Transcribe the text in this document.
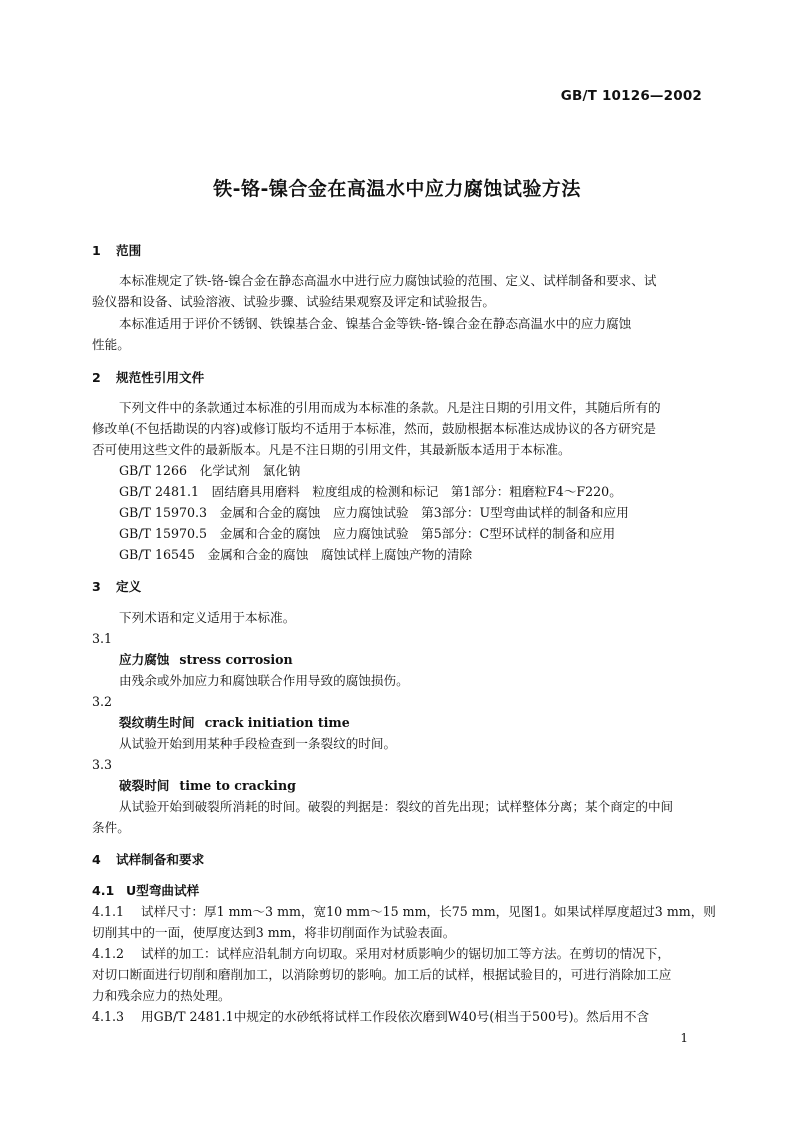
GB/T 10126—2002
铁-铬-镍合金在高温水中应力腐蚀试验方法
1 范围
本标准规定了铁-铬-镍合金在静态高温水中进行应力腐蚀试验的范围、定义、试样制备和要求、试
验仪器和设备、试验溶液、试验步骤、试验结果观察及评定和试验报告。
本标准适用于评价不锈钢、铁镍基合金、镍基合金等铁-铬-镍合金在静态高温水中的应力腐蚀
性能。
2 规范性引用文件
下列文件中的条款通过本标准的引用而成为本标准的条款。凡是注日期的引用文件，其随后所有的
修改单(不包括勘误的内容)或修订版均不适用于本标准，然而，鼓励根据本标准达成协议的各方研究是
否可使用这些文件的最新版本。凡是不注日期的引用文件，其最新版本适用于本标准。
GB/T 1266　化学试剂　氯化钠
GB/T 2481.1　固结磨具用磨料　粒度组成的检测和标记　第1部分：粗磨粒F4～F220。
GB/T 15970.3　金属和合金的腐蚀　应力腐蚀试验　第3部分：U型弯曲试样的制备和应用
GB/T 15970.5　金属和合金的腐蚀　应力腐蚀试验　第5部分：C型环试样的制备和应用
GB/T 16545　金属和合金的腐蚀　腐蚀试样上腐蚀产物的清除
3 定义
下列术语和定义适用于本标准。
3.1
应力腐蚀 stress corrosion
由残余或外加应力和腐蚀联合作用导致的腐蚀损伤。
3.2
裂纹萌生时间 crack initiation time
从试验开始到用某种手段检查到一条裂纹的时间。
3.3
破裂时间 time to cracking
从试验开始到破裂所消耗的时间。破裂的判据是：裂纹的首先出现；试样整体分离；某个商定的中间
条件。
4 试样制备和要求
4.1 U型弯曲试样
4.1.1 试样尺寸：厚1 mm～3 mm，宽10 mm～15 mm，长75 mm，见图1。如果试样厚度超过3 mm，则
切削其中的一面，使厚度达到3 mm，将非切削面作为试验表面。
4.1.2 试样的加工：试样应沿轧制方向切取。采用对材质影响少的锯切加工等方法。在剪切的情况下，
对切口断面进行切削和磨削加工，以消除剪切的影响。加工后的试样，根据试验目的，可进行消除加工应
力和残余应力的热处理。
4.1.3 用GB/T 2481.1中规定的水砂纸将试样工作段依次磨到W40号(相当于500号)。然后用不含
1
